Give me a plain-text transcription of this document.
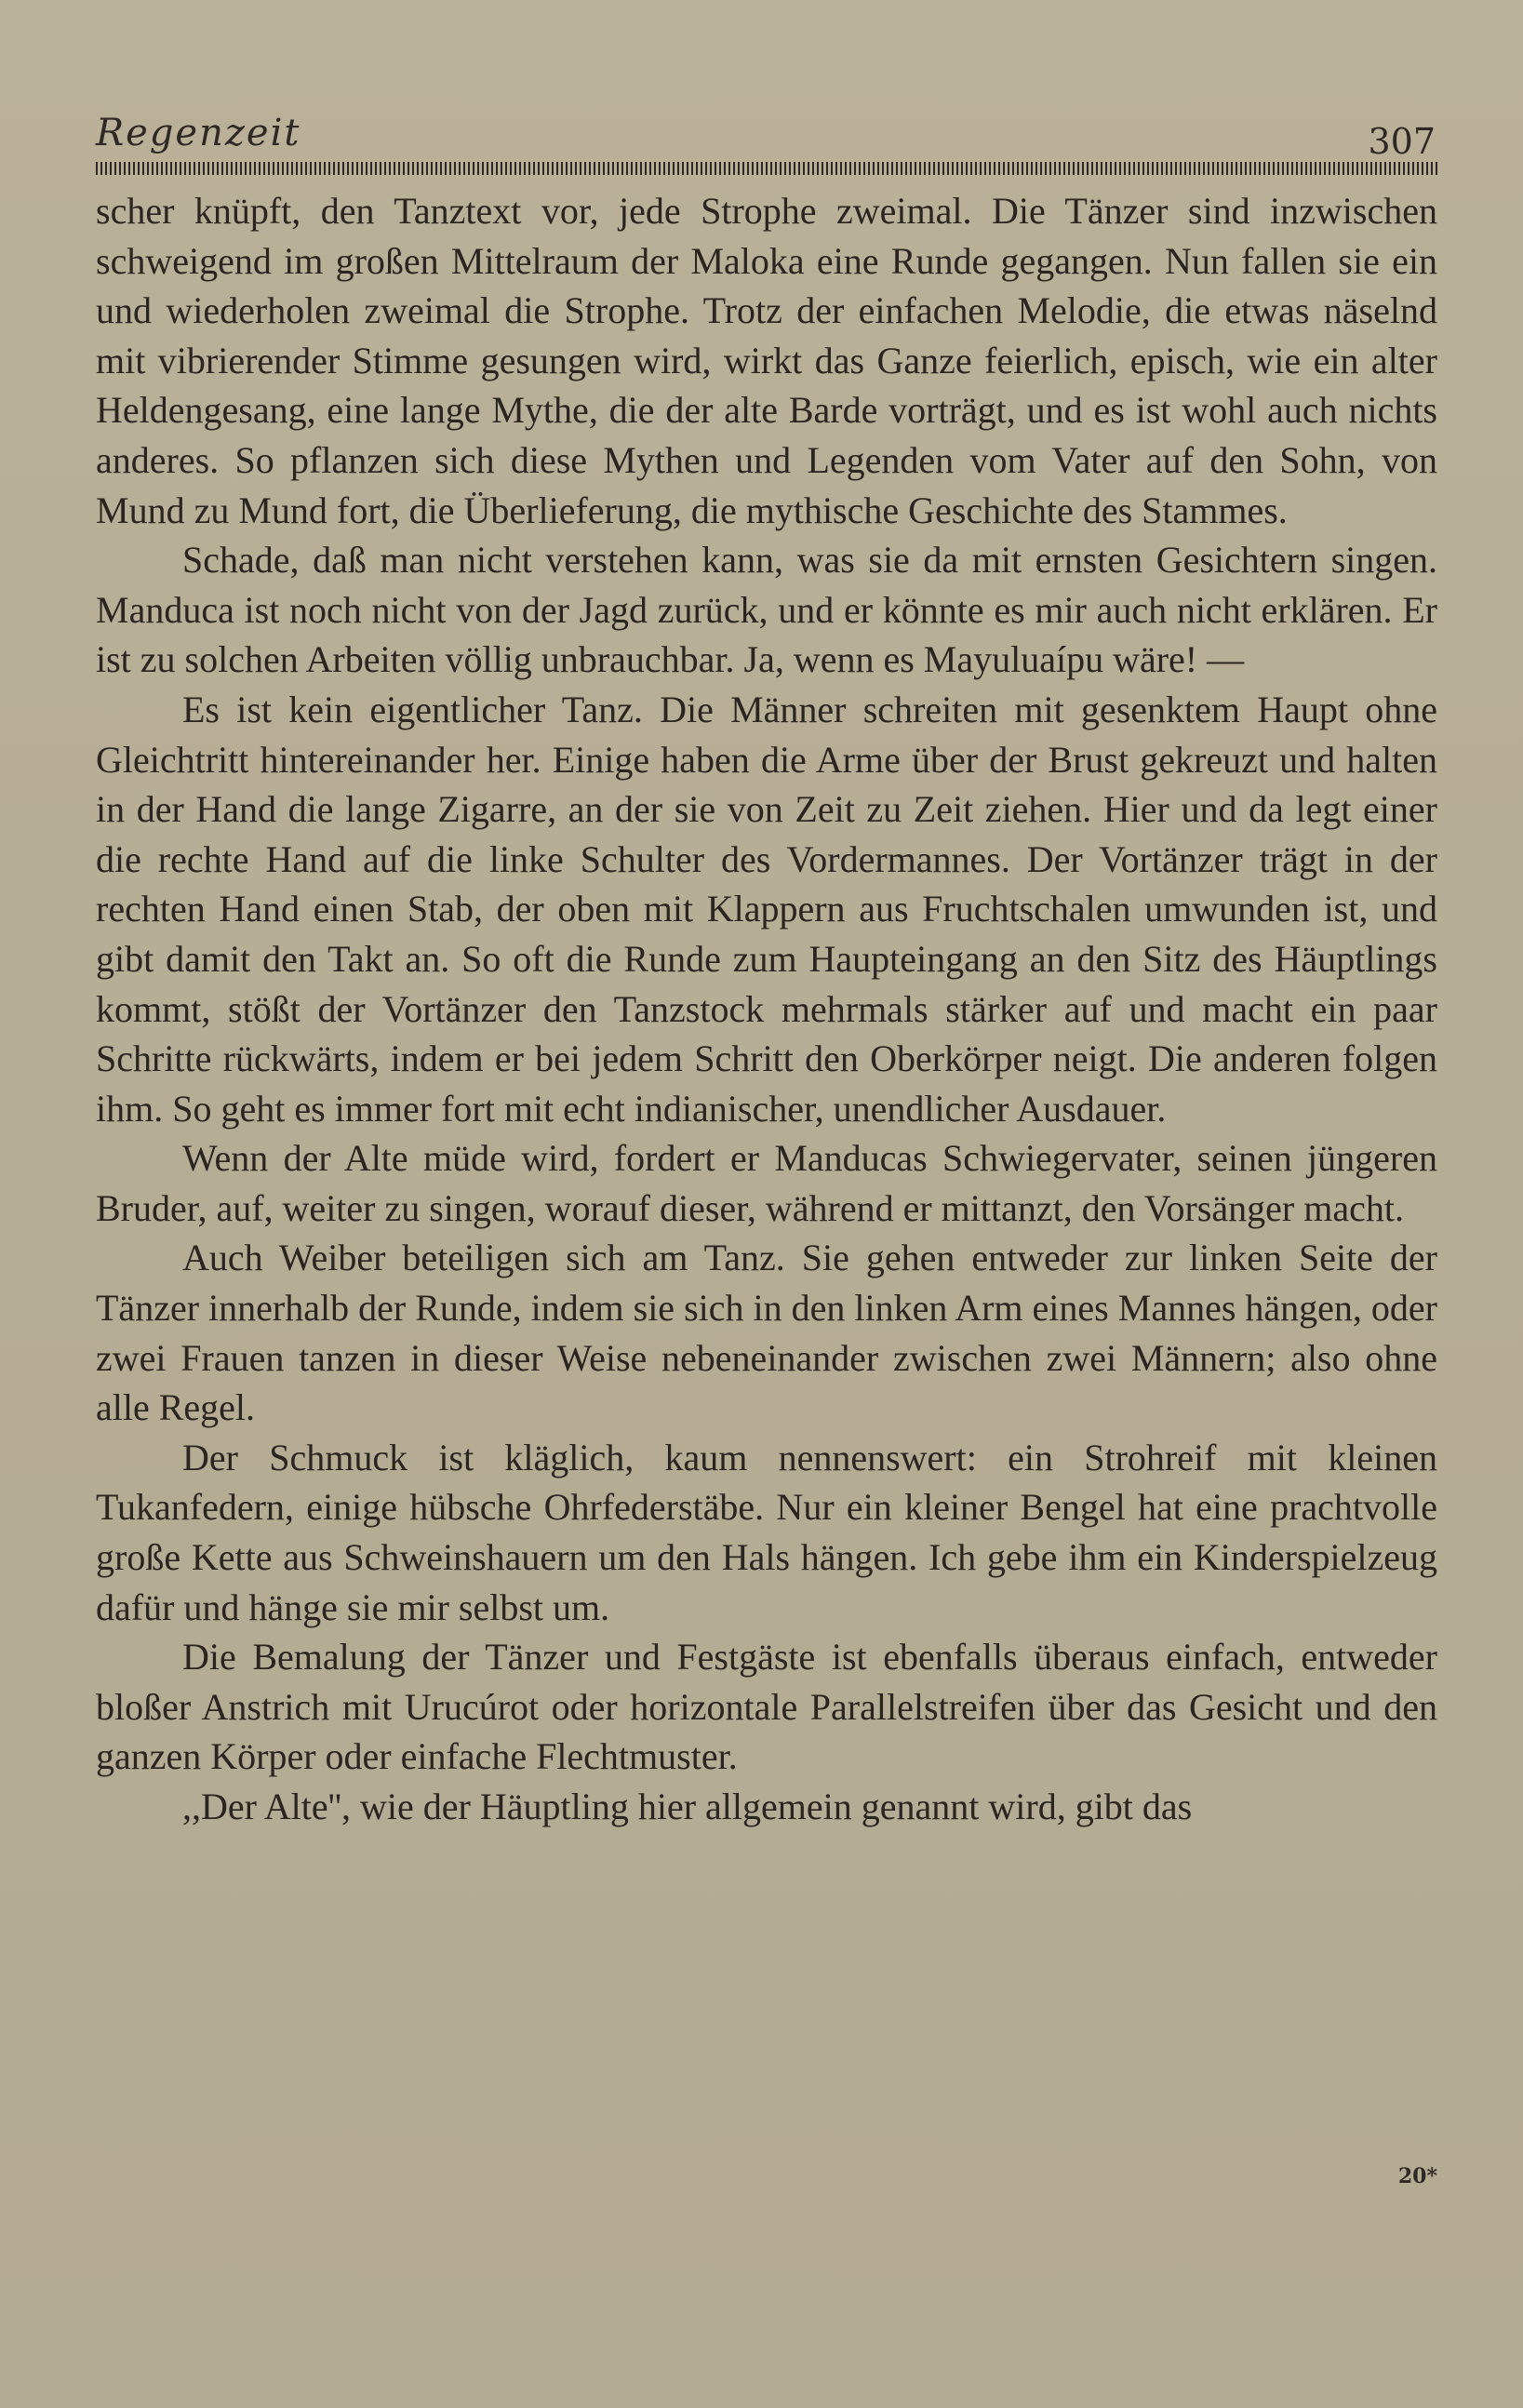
Regenzeit	307

scher knüpft, den Tanztext vor, jede Strophe zweimal. Die Tänzer sind inzwischen schweigend im großen Mittelraum der Maloka eine Runde gegangen. Nun fallen sie ein und wiederholen zweimal die Strophe. Trotz der einfachen Melodie, die etwas näselnd mit vibrierender Stimme gesungen wird, wirkt das Ganze feierlich, episch, wie ein alter Heldengesang, eine lange Mythe, die der alte Barde vorträgt, und es ist wohl auch nichts anderes. So pflanzen sich diese Mythen und Legenden vom Vater auf den Sohn, von Mund zu Mund fort, die Überlieferung, die mythische Geschichte des Stammes.

Schade, daß man nicht verstehen kann, was sie da mit ernsten Gesichtern singen. Manduca ist noch nicht von der Jagd zurück, und er könnte es mir auch nicht erklären. Er ist zu solchen Arbeiten völlig unbrauchbar. Ja, wenn es Mayuluaípu wäre! —

Es ist kein eigentlicher Tanz. Die Männer schreiten mit gesenktem Haupt ohne Gleichtritt hintereinander her. Einige haben die Arme über der Brust gekreuzt und halten in der Hand die lange Zigarre, an der sie von Zeit zu Zeit ziehen. Hier und da legt einer die rechte Hand auf die linke Schulter des Vordermannes. Der Vortänzer trägt in der rechten Hand einen Stab, der oben mit Klappern aus Fruchtschalen umwunden ist, und gibt damit den Takt an. So oft die Runde zum Haupteingang an den Sitz des Häuptlings kommt, stößt der Vortänzer den Tanzstock mehrmals stärker auf und macht ein paar Schritte rückwärts, indem er bei jedem Schritt den Oberkörper neigt. Die anderen folgen ihm. So geht es immer fort mit echt indianischer, unendlicher Ausdauer.

Wenn der Alte müde wird, fordert er Manducas Schwiegervater, seinen jüngeren Bruder, auf, weiter zu singen, worauf dieser, während er mittanzt, den Vorsänger macht.

Auch Weiber beteiligen sich am Tanz. Sie gehen entweder zur linken Seite der Tänzer innerhalb der Runde, indem sie sich in den linken Arm eines Mannes hängen, oder zwei Frauen tanzen in dieser Weise nebeneinander zwischen zwei Männern; also ohne alle Regel.

Der Schmuck ist kläglich, kaum nennenswert: ein Strohreif mit kleinen Tukanfedern, einige hübsche Ohrfederstäbe. Nur ein kleiner Bengel hat eine prachtvolle große Kette aus Schweinshauern um den Hals hängen. Ich gebe ihm ein Kinderspielzeug dafür und hänge sie mir selbst um.

Die Bemalung der Tänzer und Festgäste ist ebenfalls überaus einfach, entweder bloßer Anstrich mit Urucúrot oder horizontale Parallelstreifen über das Gesicht und den ganzen Körper oder einfache Flechtmuster.

,,Der Alte'', wie der Häuptling hier allgemein genannt wird, gibt das

20*
